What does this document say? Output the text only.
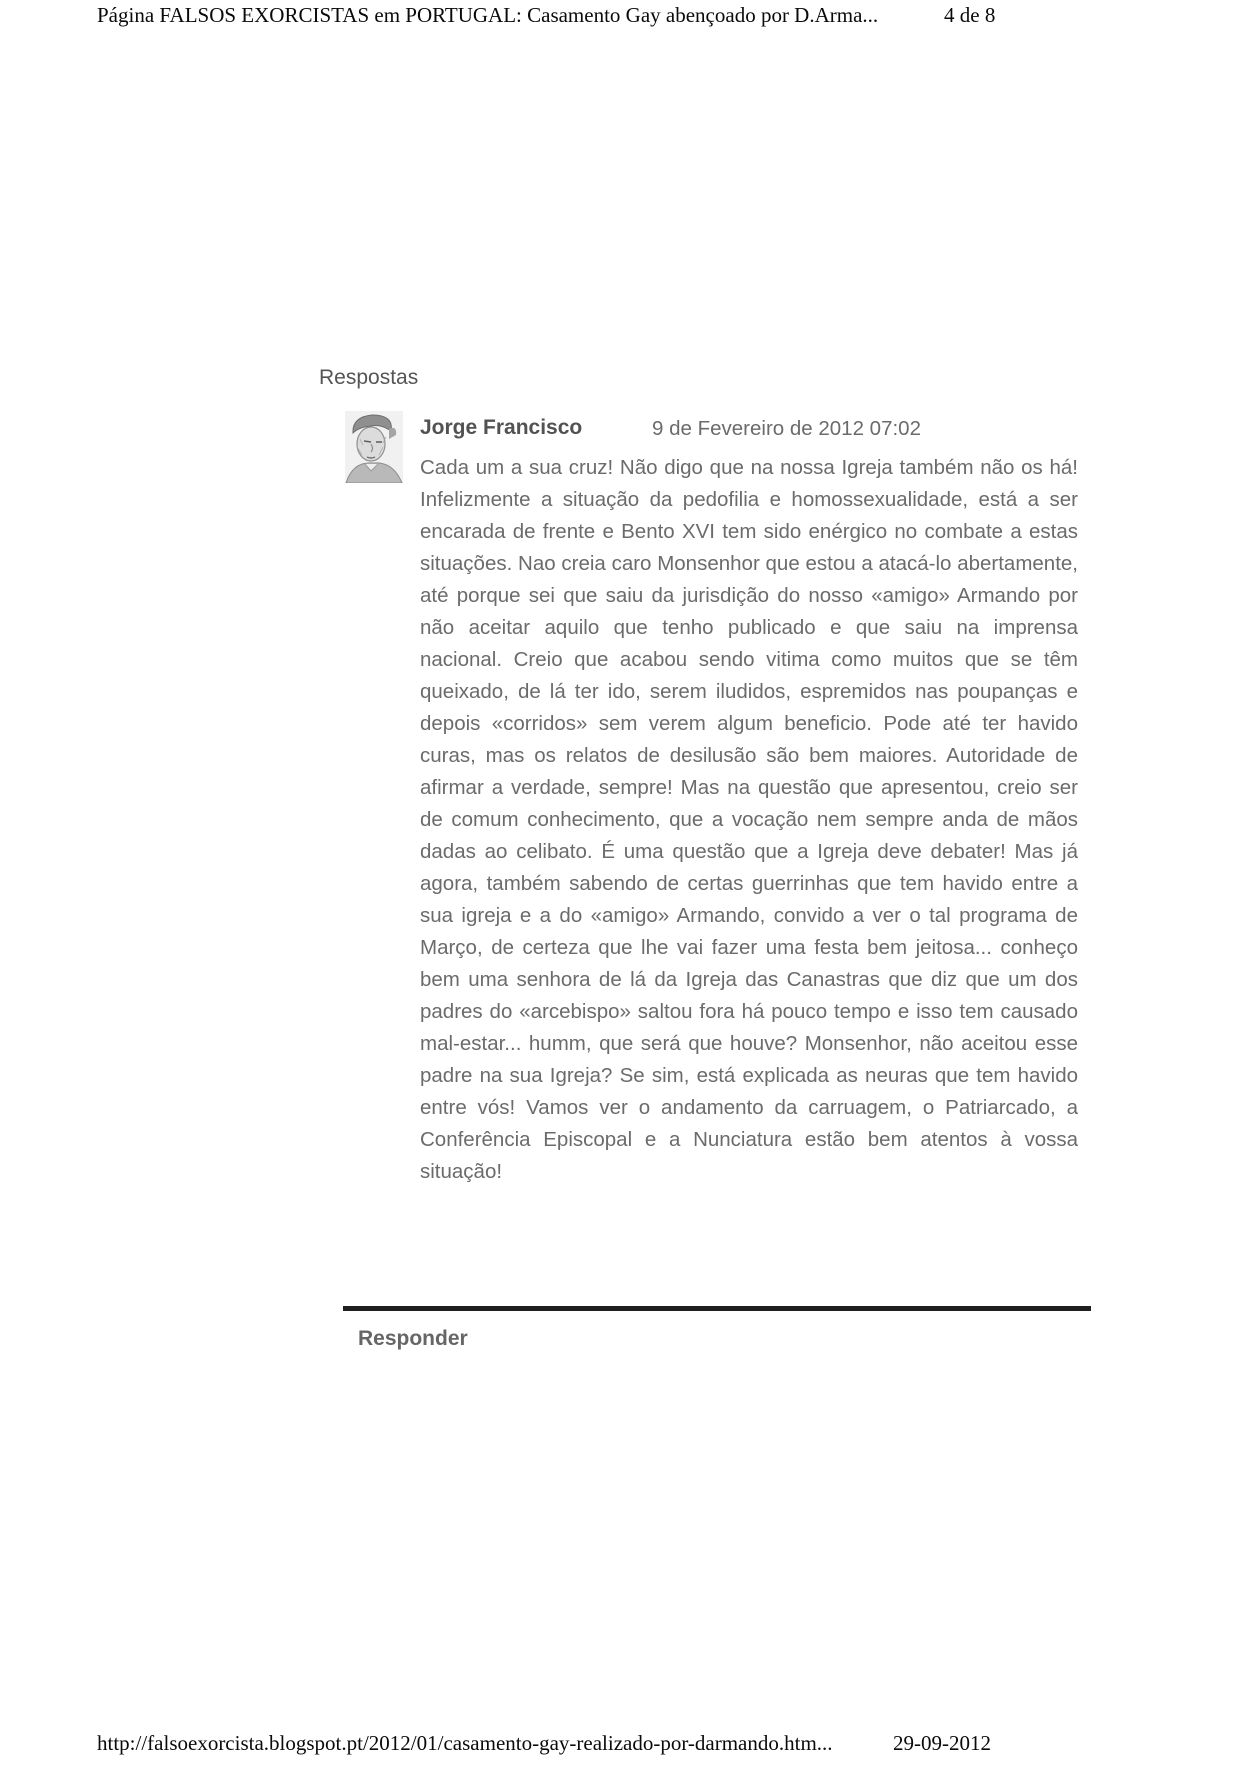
Página FALSOS EXORCISTAS em PORTUGAL: Casamento Gay abençoado por D.Arma...	4 de 8
Respostas
Jorge Francisco	9 de Fevereiro de 2012 07:02
Cada um a sua cruz! Não digo que na nossa Igreja também não os há! Infelizmente a situação da pedofilia e homossexualidade, está a ser encarada de frente e Bento XVI tem sido enérgico no combate a estas situações. Nao creia caro Monsenhor que estou a atacá-lo abertamente, até porque sei que saiu da jurisdição do nosso «amigo» Armando por não aceitar aquilo que tenho publicado e que saiu na imprensa nacional. Creio que acabou sendo vitima como muitos que se têm queixado, de lá ter ido, serem iludidos, espremidos nas poupanças e depois «corridos» sem verem algum beneficio. Pode até ter havido curas, mas os relatos de desilusão são bem maiores. Autoridade de afirmar a verdade, sempre! Mas na questão que apresentou, creio ser de comum conhecimento, que a vocação nem sempre anda de mãos dadas ao celibato. É uma questão que a Igreja deve debater! Mas já agora, também sabendo de certas guerrinhas que tem havido entre a sua igreja e a do «amigo» Armando, convido a ver o tal programa de Março, de certeza que lhe vai fazer uma festa bem jeitosa... conheço bem uma senhora de lá da Igreja das Canastras que diz que um dos padres do «arcebispo» saltou fora há pouco tempo e isso tem causado mal-estar... humm, que será que houve? Monsenhor, não aceitou esse padre na sua Igreja? Se sim, está explicada as neuras que tem havido entre vós! Vamos ver o andamento da carruagem, o Patriarcado, a Conferência Episcopal e a Nunciatura estão bem atentos à vossa situação!
Responder
http://falsoexorcista.blogspot.pt/2012/01/casamento-gay-realizado-por-darmando.htm...	29-09-2012
